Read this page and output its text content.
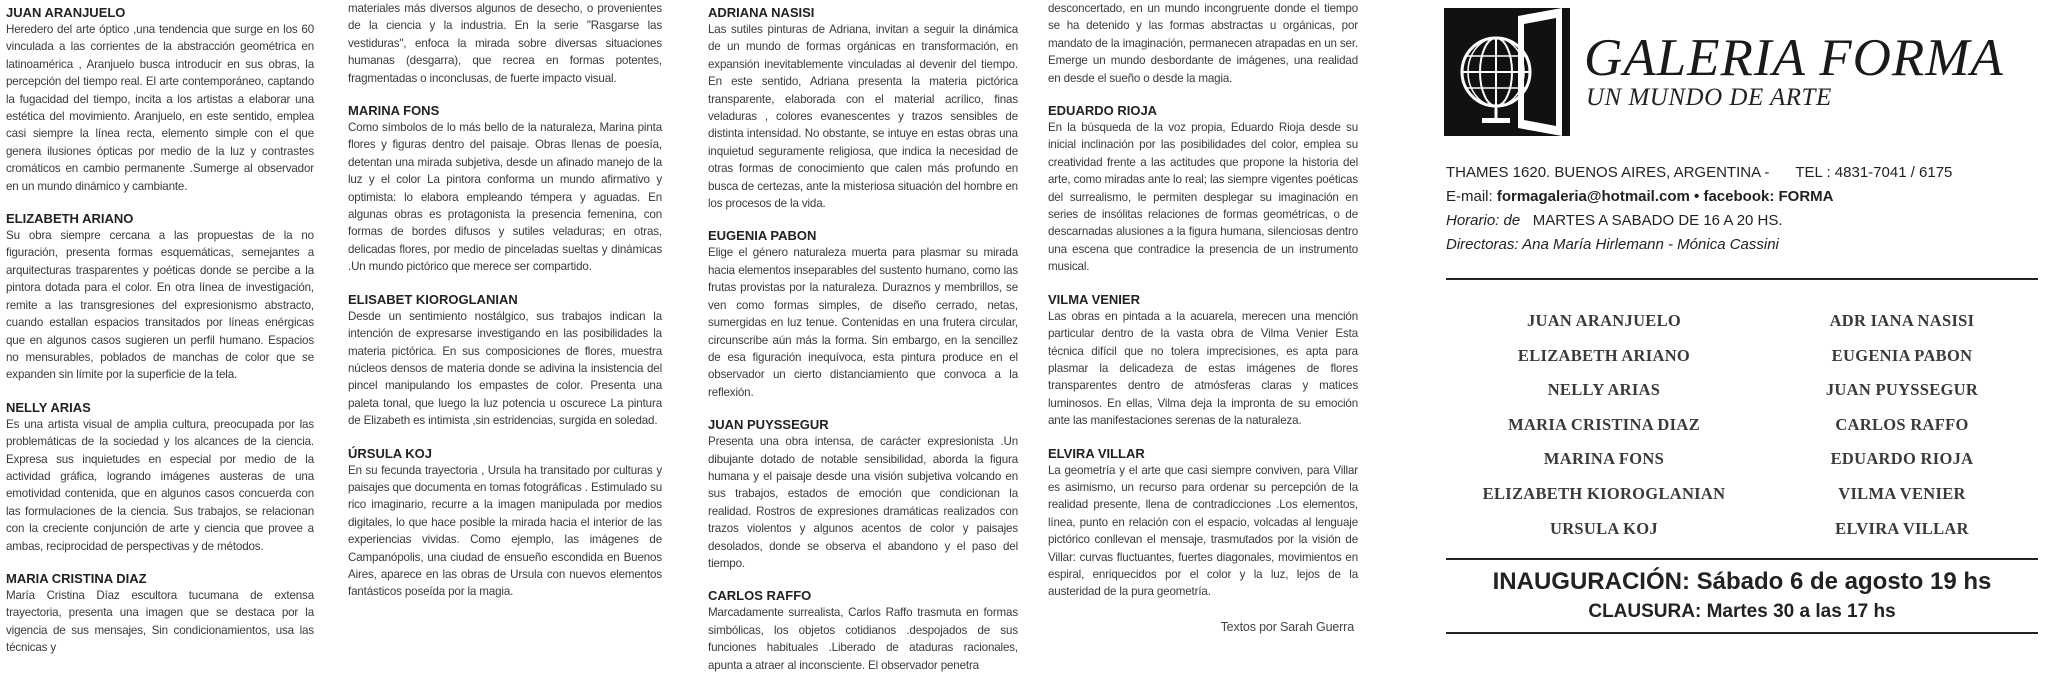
JUAN ARANJUELO
Heredero del arte óptico ,una tendencia que surge en los 60 vinculada a las corrientes de la abstracción geométrica en latinoamérica , Aranjuelo busca introducir en sus obras, la percepción del tiempo real. El arte contemporáneo, captando la fugacidad del tiempo, incita a los artistas a elaborar una estética del movimiento. Aranjuelo, en este sentido, emplea casi siempre la línea recta, elemento simple con el que genera ilusiones ópticas por medio de la luz y contrastes cromáticos en cambio permanente .Sumerge al observador en un mundo dinámico y cambiante.
ELIZABETH ARIANO
Su obra siempre cercana a las propuestas de la no figuración, presenta formas esquemáticas, semejantes a arquitecturas trasparentes y poéticas donde se percibe a la pintora dotada para el color. En otra línea de investigación, remite a las transgresiones del expresionismo abstracto, cuando estallan espacios transitados por líneas enérgicas que en algunos casos sugieren un perfil humano. Espacios no mensurables, poblados de manchas de color que se expanden sin límite por la superficie de la tela.
NELLY ARIAS
Es una artista visual de amplia cultura, preocupada por las problemáticas de la sociedad y los alcances de la ciencia. Expresa sus inquietudes en especial por medio de la actividad gráfica, logrando imágenes austeras de una emotividad contenida, que en algunos casos concuerda con las formulaciones de la ciencia. Sus trabajos, se relacionan con la creciente conjunción de arte y ciencia que provee a ambas, reciprocidad de perspectivas y de métodos.
MARIA CRISTINA DIAZ
María Cristina Díaz escultora tucumana de extensa trayectoria, presenta una imagen que se destaca por la vigencia de sus mensajes, Sin condicionamientos, usa las técnicas y
materiales más diversos algunos de desecho, o provenientes de la ciencia y la industria. En la serie "Rasgarse las vestiduras", enfoca la mirada sobre diversas situaciones humanas (desgarra), que recrea en formas potentes, fragmentadas o inconclusas, de fuerte impacto visual.
MARINA FONS
Como símbolos de lo más bello de la naturaleza, Marina pinta flores y figuras dentro del paisaje. Obras llenas de poesía, detentan una mirada subjetiva, desde un afinado manejo de la luz y el color La pintora conforma un mundo afirmativo y optimista: lo elabora empleando témpera y aguadas. En algunas obras es protagonista la presencia femenina, con formas de bordes difusos y sutiles veladuras; en otras, delicadas flores, por medio de pinceladas sueltas y dinámicas .Un mundo pictórico que merece ser compartido.
ELISABET KIOROGLANIAN
Desde un sentimiento nostálgico, sus trabajos indican la intención de expresarse investigando en las posibilidades la materia pictórica. En sus composiciones de flores, muestra núcleos densos de materia donde se adivina la insistencia del pincel manipulando los empastes de color. Presenta una paleta tonal, que luego la luz potencia u oscurece La pintura de Elizabeth es intimista ,sin estridencias, surgida en soledad.
ÚRSULA KOJ
En su fecunda trayectoria , Ursula ha transitado por culturas y paisajes que documenta en tomas fotográficas . Estimulado su rico imaginario, recurre a la imagen manipulada por medios digitales, lo que hace posible la mirada hacia el interior de las experiencias vividas. Como ejemplo, las imágenes de Campanópolis, una ciudad de ensueño escondida en Buenos Aires, aparece en las obras de Ursula con nuevos elementos fantásticos poseída por la magia.
ADRIANA NASISI
Las sutiles pinturas de Adriana, invitan a seguir la dinámica de un mundo de formas orgánicas en transformación, en expansión inevitablemente vinculadas al devenir del tiempo. En este sentido, Adriana presenta la materia pictórica transparente, elaborada con el material acrílico, finas veladuras , colores evanescentes y trazos sensibles de distinta intensidad. No obstante, se intuye en estas obras una inquietud seguramente religiosa, que indica la necesidad de otras formas de conocimiento que calen más profundo en busca de certezas, ante la misteriosa situación del hombre en los procesos de la vida.
EUGENIA PABON
Elige el género naturaleza muerta para plasmar su mirada hacia elementos inseparables del sustento humano, como las frutas provistas por la naturaleza. Duraznos y membrillos, se ven como formas simples, de diseño cerrado, netas, sumergidas en luz tenue. Contenidas en una frutera circular, circunscribe aún más la forma. Sin embargo, en la sencillez de esa figuración inequívoca, esta pintura produce en el observador un cierto distanciamiento que convoca a la reflexión.
JUAN PUYSSEGUR
Presenta una obra intensa, de carácter expresionista .Un dibujante dotado de notable sensibilidad, aborda la figura humana y el paisaje desde una visión subjetiva volcando en sus trabajos, estados de emoción que condicionan la realidad. Rostros de expresiones dramáticas realizados con trazos violentos y algunos acentos de color y paisajes desolados, donde se observa el abandono y el paso del tiempo.
CARLOS RAFFO
Marcadamente surrealista, Carlos Raffo trasmuta en formas simbólicas, los objetos cotidianos .despojados de sus funciones habituales .Liberado de ataduras racionales, apunta a atraer al inconsciente. El observador penetra
desconcertado, en un mundo incongruente donde el tiempo se ha detenido y las formas abstractas u orgánicas, por mandato de la imaginación, permanecen atrapadas en un ser. Emerge un mundo desbordante de imágenes, una realidad en desde el sueño o desde la magia.
EDUARDO RIOJA
En la búsqueda de la voz propia, Eduardo Rioja desde su inicial inclinación por las posibilidades del color, emplea su creatividad frente a las actitudes que propone la historia del arte, como miradas ante lo real; las siempre vigentes poéticas del surrealismo, le permiten desplegar su imaginación en series de insólitas relaciones de formas geométricas, o de descarnadas alusiones a la figura humana, silenciosas dentro una escena que contradice la presencia de un instrumento musical.
VILMA VENIER
Las obras en pintada a la acuarela, merecen una mención particular dentro de la vasta obra de Vilma Venier Esta técnica difícil que no tolera imprecisiones, es apta para plasmar la delicadeza de estas imágenes de flores transparentes dentro de atmósferas claras y matices luminosos. En ellas, Vilma deja la impronta de su emoción ante las manifestaciones serenas de la naturaleza.
ELVIRA VILLAR
La geometría y el arte que casi siempre conviven, para Villar es asimismo, un recurso para ordenar su percepción de la realidad presente, llena de contradicciones .Los elementos, línea, punto en relación con el espacio, volcadas al lenguaje pictórico conllevan el mensaje, trasmutados por la visión de Villar: curvas fluctuantes, fuertes diagonales, movimientos en espiral, enriquecidos por el color y la luz, lejos de la austeridad de la pura geometría.
Textos por Sarah Guerra
GALERIA FORMA
UN MUNDO DE ARTE
THAMES 1620. BUENOS AIRES, ARGENTINA - TEL : 4831-7041 / 6175
E-mail: formagaleria@hotmail.com • facebook: FORMA
Horario: de MARTES A SABADO DE 16 A 20 HS.
Directoras: Ana María Hirlemann - Mónica Cassini
JUAN ARANJUELO
ELIZABETH ARIANO
NELLY ARIAS
MARIA CRISTINA DIAZ
MARINA FONS
ELIZABETH KIOROGLANIAN
URSULA KOJ
ADR IANA NASISI
EUGENIA PABON
JUAN PUYSSEGUR
CARLOS RAFFO
EDUARDO RIOJA
VILMA VENIER
ELVIRA VILLAR
INAUGURACIÓN: Sábado 6 de agosto 19 hs
CLAUSURA: Martes 30 a las 17 hs
